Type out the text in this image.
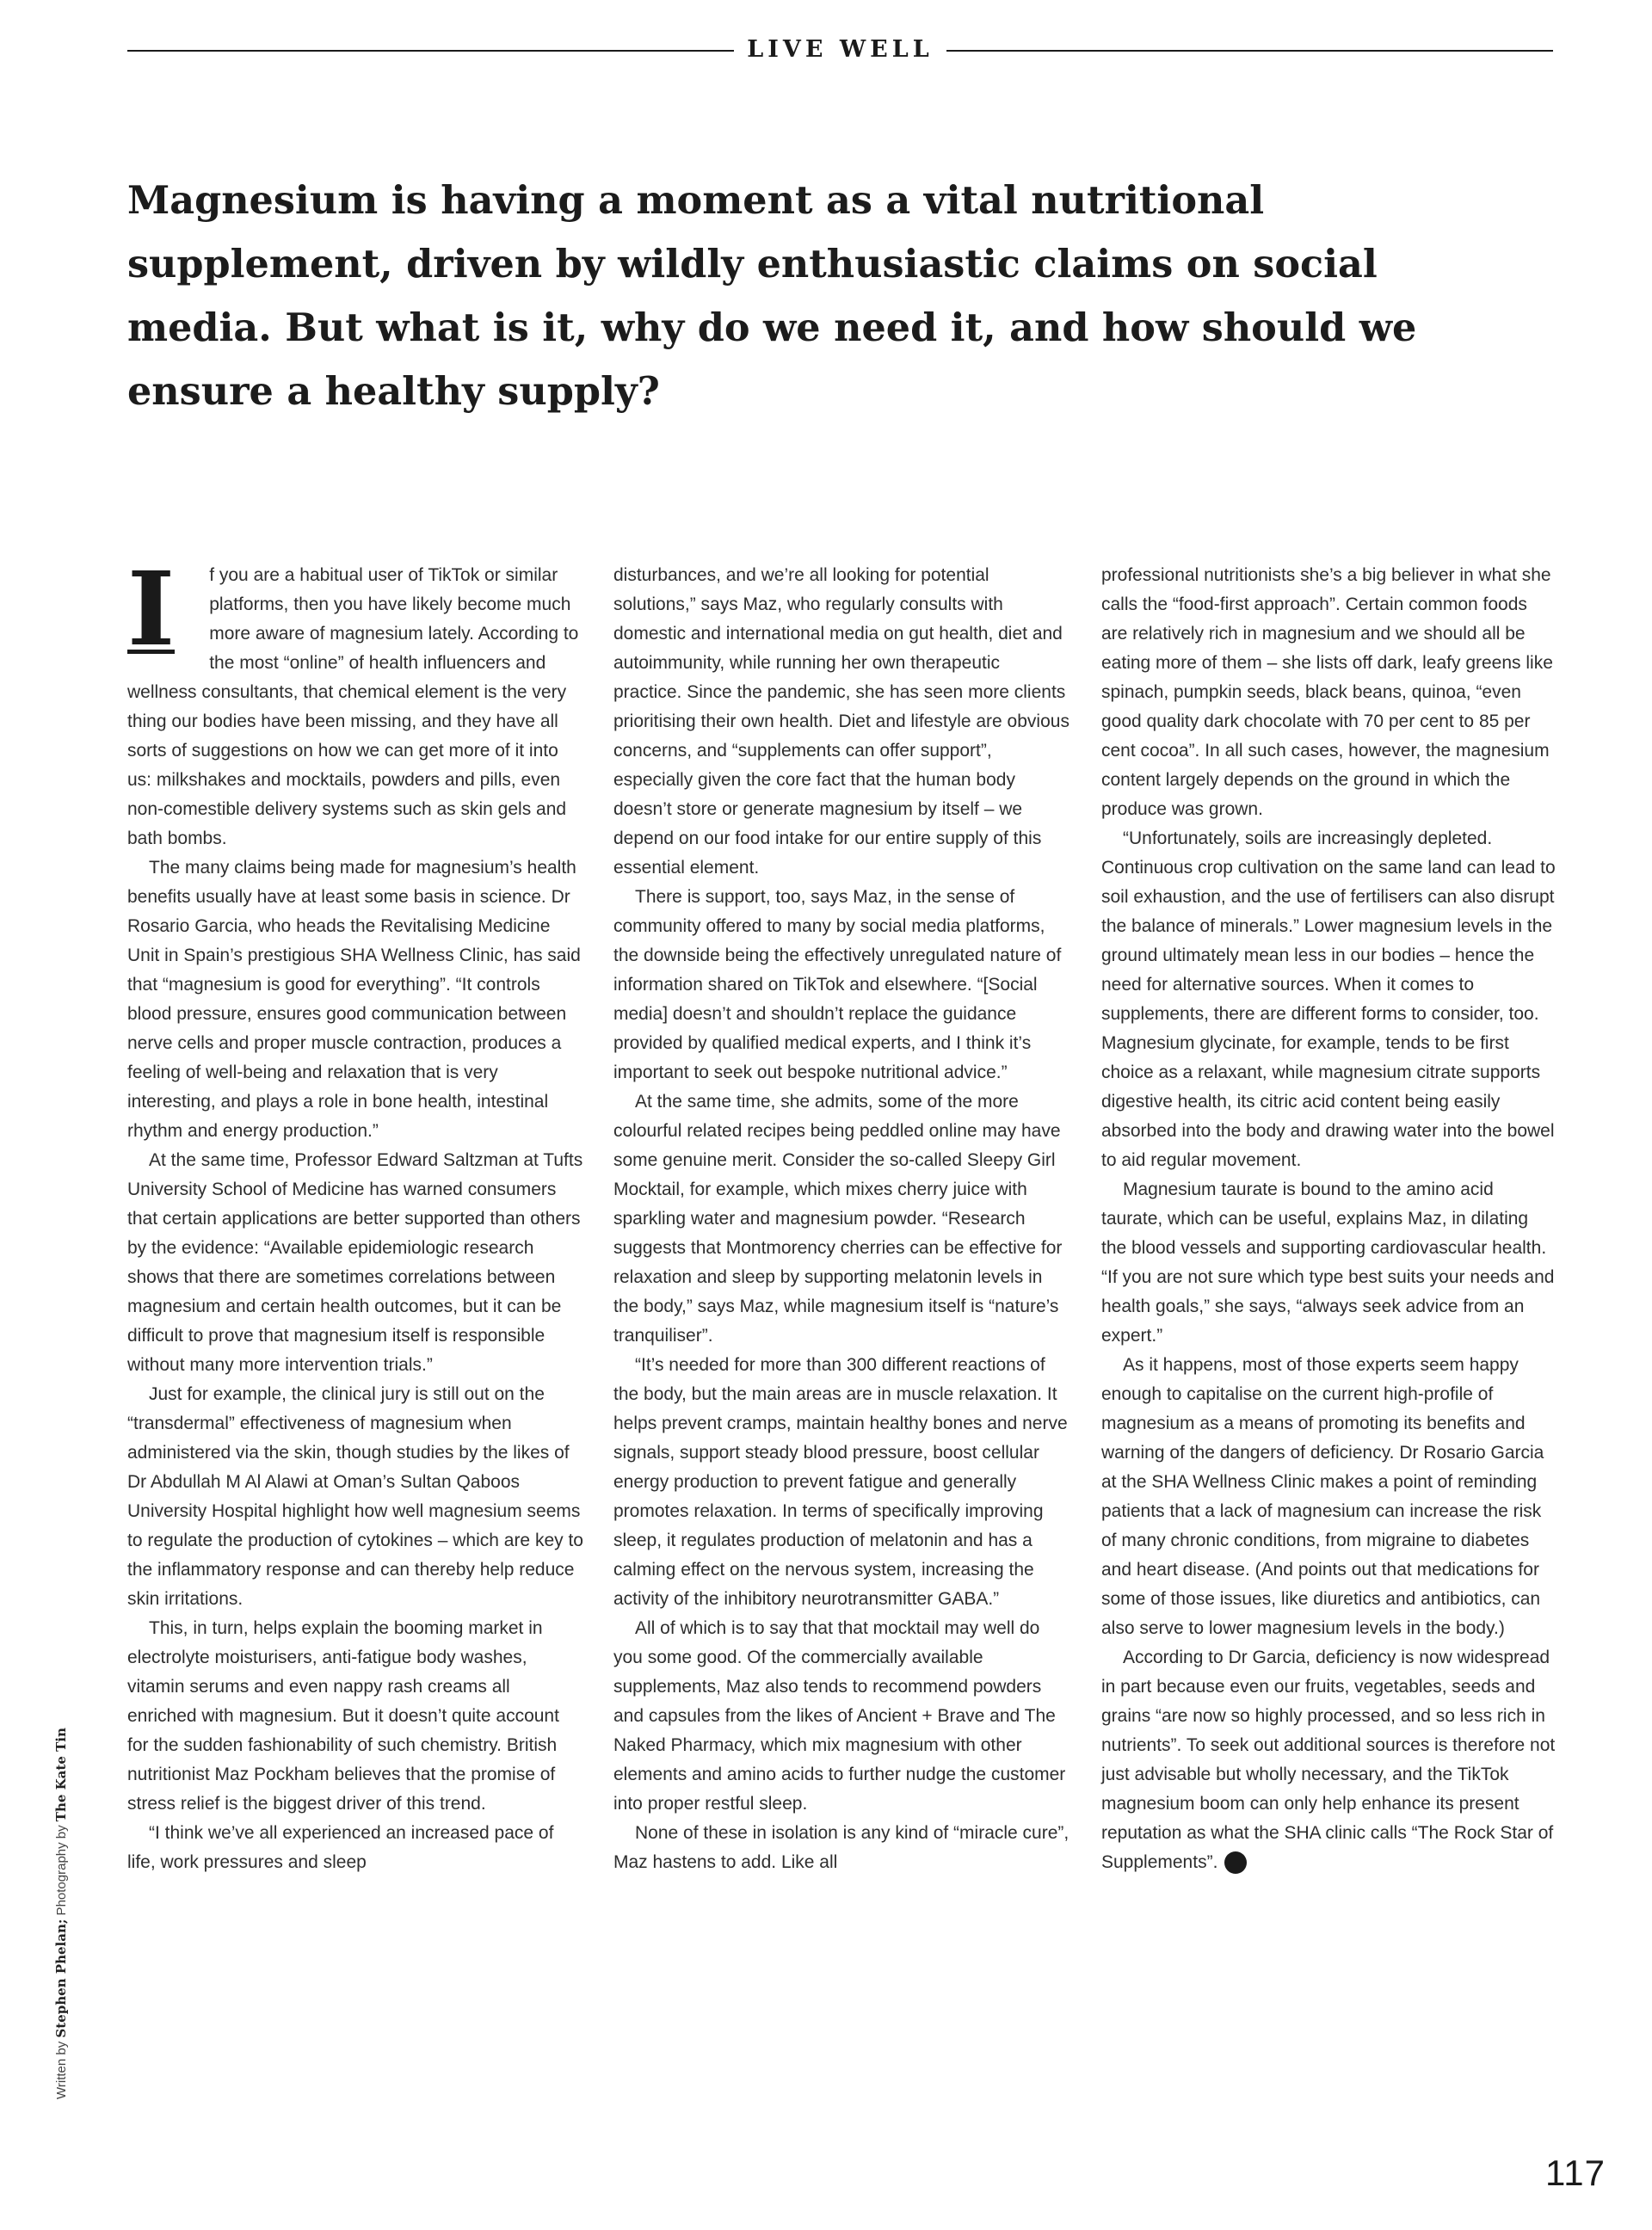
LIVE WELL
Magnesium is having a moment as a vital nutritional supplement, driven by wildly enthusiastic claims on social media. But what is it, why do we need it, and how should we ensure a healthy supply?

I f you are a habitual user of TikTok or similar platforms, then you have likely become much more aware of magnesium lately. According to the most “online” of health influencers and wellness consultants, that chemical element is the very thing our bodies have been missing, and they have all sorts of suggestions on how we can get more of it into us: milkshakes and mocktails, powders and pills, even non-comestible delivery systems such as skin gels and bath bombs.

The many claims being made for magnesium’s health benefits usually have at least some basis in science. Dr Rosario Garcia, who heads the Revitalising Medicine Unit in Spain’s prestigious SHA Wellness Clinic, has said that “magnesium is good for everything”. “It controls blood pressure, ensures good communication between nerve cells and proper muscle contraction, produces a feeling of well-being and relaxation that is very interesting, and plays a role in bone health, intestinal rhythm and energy production.”

At the same time, Professor Edward Saltzman at Tufts University School of Medicine has warned consumers that certain applications are better supported than others by the evidence: “Available epidemiologic research shows that there are sometimes correlations between magnesium and certain health outcomes, but it can be difficult to prove that magnesium itself is responsible without many more intervention trials.”

Just for example, the clinical jury is still out on the “transdermal” effectiveness of magnesium when administered via the skin, though studies by the likes of Dr Abdullah M Al Alawi at Oman’s Sultan Qaboos University Hospital highlight how well magnesium seems to regulate the production of cytokines – which are key to the inflammatory response and can thereby help reduce skin irritations.

This, in turn, helps explain the booming market in electrolyte moisturisers, anti-fatigue body washes, vitamin serums and even nappy rash creams all enriched with magnesium. But it doesn’t quite account for the sudden fashionability of such chemistry. British nutritionist Maz Pockham believes that the promise of stress relief is the biggest driver of this trend.

“I think we’ve all experienced an increased pace of life, work pressures and sleep

disturbances, and we’re all looking for potential solutions,” says Maz, who regularly consults with domestic and international media on gut health, diet and autoimmunity, while running her own therapeutic practice. Since the pandemic, she has seen more clients prioritising their own health. Diet and lifestyle are obvious concerns, and “supplements can offer support”, especially given the core fact that the human body doesn’t store or generate magnesium by itself – we depend on our food intake for our entire supply of this essential element.

There is support, too, says Maz, in the sense of community offered to many by social media platforms, the downside being the effectively unregulated nature of information shared on TikTok and elsewhere. “[Social media] doesn’t and shouldn’t replace the guidance provided by qualified medical experts, and I think it’s important to seek out bespoke nutritional advice.”

At the same time, she admits, some of the more colourful related recipes being peddled online may have some genuine merit. Consider the so-called Sleepy Girl Mocktail, for example, which mixes cherry juice with sparkling water and magnesium powder. “Research suggests that Montmorency cherries can be effective for relaxation and sleep by supporting melatonin levels in the body,” says Maz, while magnesium itself is “nature’s tranquiliser”.

“It’s needed for more than 300 different reactions of the body, but the main areas are in muscle relaxation. It helps prevent cramps, maintain healthy bones and nerve signals, support steady blood pressure, boost cellular energy production to prevent fatigue and generally promotes relaxation. In terms of specifically improving sleep, it regulates production of melatonin and has a calming effect on the nervous system, increasing the activity of the inhibitory neurotransmitter GABA.”

All of which is to say that that mocktail may well do you some good. Of the commercially available supplements, Maz also tends to recommend powders and capsules from the likes of Ancient + Brave and The Naked Pharmacy, which mix magnesium with other elements and amino acids to further nudge the customer into proper restful sleep.

None of these in isolation is any kind of “miracle cure”, Maz hastens to add. Like all

professional nutritionists she’s a big believer in what she calls the “food-first approach”. Certain common foods are relatively rich in magnesium and we should all be eating more of them – she lists off dark, leafy greens like spinach, pumpkin seeds, black beans, quinoa, “even good quality dark chocolate with 70 per cent to 85 per cent cocoa”. In all such cases, however, the magnesium content largely depends on the ground in which the produce was grown.

“Unfortunately, soils are increasingly depleted. Continuous crop cultivation on the same land can lead to soil exhaustion, and the use of fertilisers can also disrupt the balance of minerals.” Lower magnesium levels in the ground ultimately mean less in our bodies – hence the need for alternative sources. When it comes to supplements, there are different forms to consider, too. Magnesium glycinate, for example, tends to be first choice as a relaxant, while magnesium citrate supports digestive health, its citric acid content being easily absorbed into the body and drawing water into the bowel to aid regular movement.

Magnesium taurate is bound to the amino acid taurate, which can be useful, explains Maz, in dilating the blood vessels and supporting cardiovascular health. “If you are not sure which type best suits your needs and health goals,” she says, “always seek advice from an expert.”

As it happens, most of those experts seem happy enough to capitalise on the current high-profile of magnesium as a means of promoting its benefits and warning of the dangers of deficiency. Dr Rosario Garcia at the SHA Wellness Clinic makes a point of reminding patients that a lack of magnesium can increase the risk of many chronic conditions, from migraine to diabetes and heart disease. (And points out that medications for some of those issues, like diuretics and antibiotics, can also serve to lower magnesium levels in the body.)

According to Dr Garcia, deficiency is now widespread in part because even our fruits, vegetables, seeds and grains “are now so highly processed, and so less rich in nutrients”. To seek out additional sources is therefore not just advisable but wholly necessary, and the TikTok magnesium boom can only help enhance its present reputation as what the SHA clinic calls “The Rock Star of Supplements”. Q

Written by Stephen Phelan; Photography by The Kate Tin
117
